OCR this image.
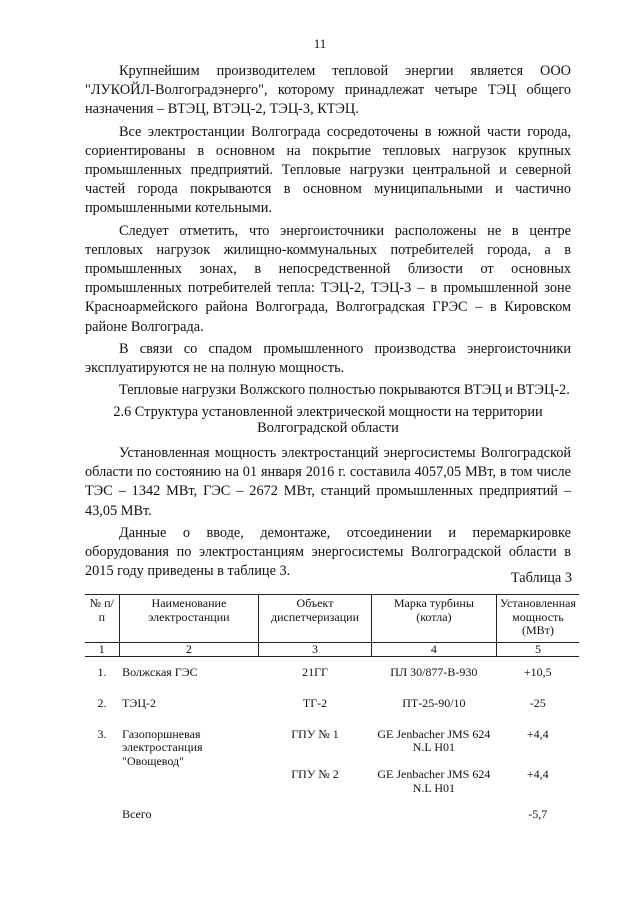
11

Крупнейшим производителем тепловой энергии является ООО "ЛУКОЙЛ-Волгоградэнерго", которому принадлежат четыре ТЭЦ общего назначения – ВТЭЦ, ВТЭЦ-2, ТЭЦ-3, КТЭЦ.

Все электростанции Волгограда сосредоточены в южной части города, сориентированы в основном на покрытие тепловых нагрузок крупных промышленных предприятий. Тепловые нагрузки центральной и северной частей города покрываются в основном муниципальными и частично промышленными котельными.

Следует отметить, что энергоисточники расположены не в центре тепловых нагрузок жилищно-коммунальных потребителей города, а в промышленных зонах, в непосредственной близости от основных промышленных потребителей тепла: ТЭЦ-2, ТЭЦ-3 – в промышленной зоне Красноармейского района Волгограда, Волгоградская ГРЭС – в Кировском районе Волгограда.

В связи со спадом промышленного производства энергоисточники эксплуатируются не на полную мощность.

Тепловые нагрузки Волжского полностью покрываются ВТЭЦ и ВТЭЦ-2.

2.6 Структура установленной электрической мощности на территории
Волгоградской области

Установленная мощность электростанций энергосистемы Волгоградской области по состоянию на 01 января 2016 г. составила 4057,05 МВт, в том числе ТЭС – 1342 МВт, ГЭС – 2672 МВт, станций промышленных предприятий – 43,05 МВт.

Данные о вводе, демонтаже, отсоединении и перемаркировке оборудования по электростанциям энергосистемы Волгоградской области в 2015 году приведены в таблице 3.	Таблица 3
№ п/п	Наименование электростанции	Объект диспетчеризации	Марка турбины (котла)	Установленная мощность (МВт)
1	2	3	4	5
1.	Волжская ГЭС	21ГГ	ПЛ 30/877-В-930	+10,5
2.	ТЭЦ-2	ТГ-2	ПТ-25-90/10	-25
3.	Газопоршневая электростанция "Овощевод"	ГПУ № 1	GE Jenbacher JMS 624 N.L H01	+4,4
		ГПУ № 2	GE Jenbacher JMS 624 N.L H01	+4,4
	Всего			-5,7
